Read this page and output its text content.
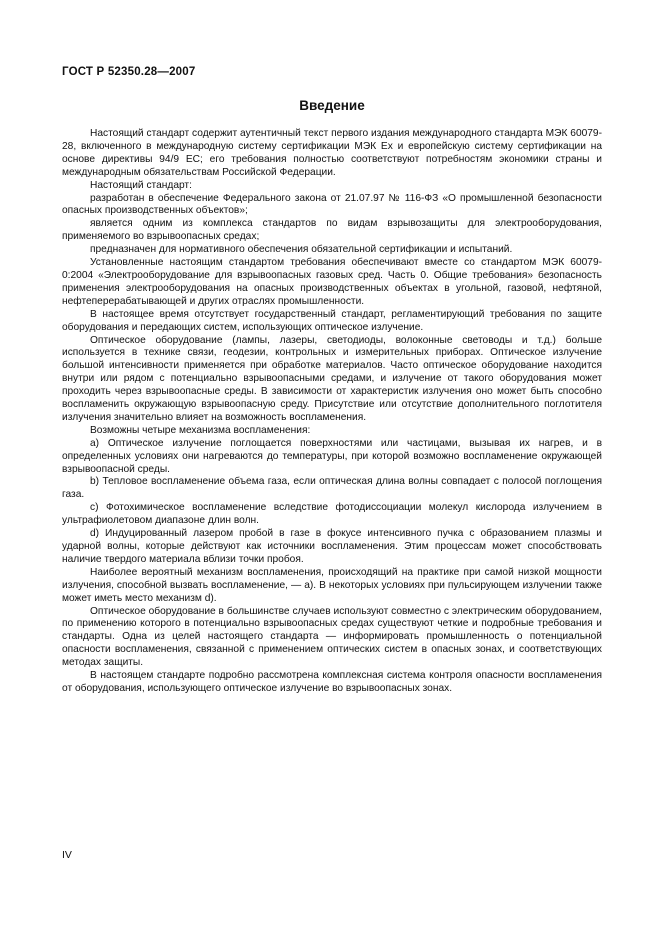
ГОСТ Р 52350.28—2007
Введение

Настоящий стандарт содержит аутентичный текст первого издания международного стандарта МЭК 60079-28, включенного в международную систему сертификации МЭК Ех и европейскую систему сертификации на основе директивы 94/9 ЕС; его требования полностью соответствуют потребностям экономики страны и международным обязательствам Российской Федерации.

Настоящий стандарт:

разработан в обеспечение Федерального закона от 21.07.97 № 116-ФЗ «О промышленной безопасности опасных производственных объектов»;

является одним из комплекса стандартов по видам взрывозащиты для электрооборудования, применяемого во взрывоопасных средах;

предназначен для нормативного обеспечения обязательной сертификации и испытаний.

Установленные настоящим стандартом требования обеспечивают вместе со стандартом МЭК 60079-0:2004 «Электрооборудование для взрывоопасных газовых сред. Часть 0. Общие требования» безопасность применения электрооборудования на опасных производственных объектах в угольной, газовой, нефтяной, нефтеперерабатывающей и других отраслях промышленности.

В настоящее время отсутствует государственный стандарт, регламентирующий требования по защите оборудования и передающих систем, использующих оптическое излучение.

Оптическое оборудование (лампы, лазеры, светодиоды, волоконные световоды и т.д.) больше используется в технике связи, геодезии, контрольных и измерительных приборах. Оптическое излучение большой интенсивности применяется при обработке материалов. Часто оптическое оборудование находится внутри или рядом с потенциально взрывоопасными средами, и излучение от такого оборудования может проходить через взрывоопасные среды. В зависимости от характеристик излучения оно может быть способно воспламенить окружающую взрывоопасную среду. Присутствие или отсутствие дополнительного поглотителя излучения значительно влияет на возможность воспламенения.

Возможны четыре механизма воспламенения:

а) Оптическое излучение поглощается поверхностями или частицами, вызывая их нагрев, и в определенных условиях они нагреваются до температуры, при которой возможно воспламенение окружающей взрывоопасной среды.

b) Тепловое воспламенение объема газа, если оптическая длина волны совпадает с полосой поглощения газа.

с) Фотохимическое воспламенение вследствие фотодиссоциации молекул кислорода излучением в ультрафиолетовом диапазоне длин волн.

d) Индуцированный лазером пробой в газе в фокусе интенсивного пучка с образованием плазмы и ударной волны, которые действуют как источники воспламенения. Этим процессам может способствовать наличие твердого материала вблизи точки пробоя.

Наиболее вероятный механизм воспламенения, происходящий на практике при самой низкой мощности излучения, способной вызвать воспламенение, — а). В некоторых условиях при пульсирующем излучении также может иметь место механизм d).

Оптическое оборудование в большинстве случаев используют совместно с электрическим оборудованием, по применению которого в потенциально взрывоопасных средах существуют четкие и подробные требования и стандарты. Одна из целей настоящего стандарта — информировать промышленность о потенциальной опасности воспламенения, связанной с применением оптических систем в опасных зонах, и соответствующих методах защиты.

В настоящем стандарте подробно рассмотрена комплексная система контроля опасности воспламенения от оборудования, использующего оптическое излучение во взрывоопасных зонах.

IV
